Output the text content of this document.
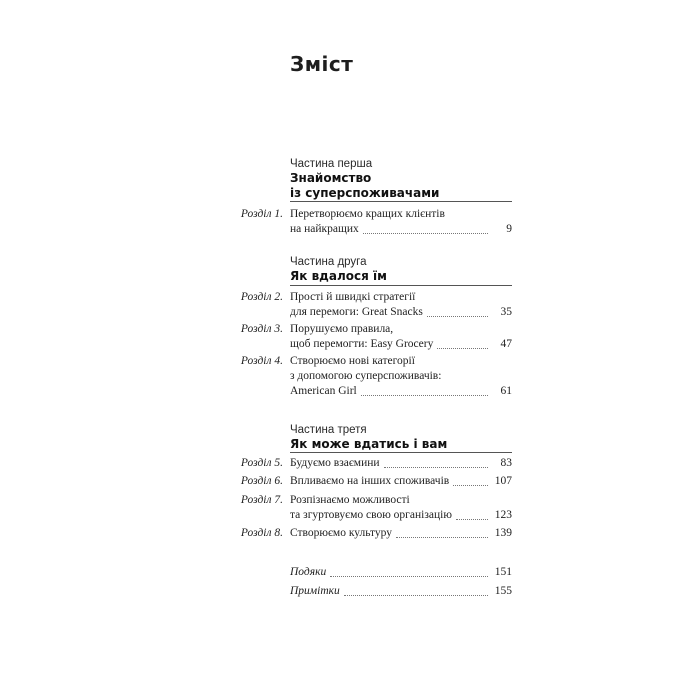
Зміст
Частина перша
Знайомство
із суперспоживачами
Розділ 1. Перетворюємо кращих клієнтів
на найкращих	9
Частина друга
Як вдалося їм
Розділ 2. Прості й швидкі стратегії
для перемоги: Great Snacks	35
Розділ 3. Порушуємо правила,
щоб перемогти: Easy Grocery	47
Розділ 4. Створюємо нові категорії
з допомогою суперспоживачів:
American Girl	61
Частина третя
Як може вдатись і вам
Розділ 5. Будуємо взаємини	83
Розділ 6. Впливаємо на інших споживачів	107
Розділ 7. Розпізнаємо можливості
та згуртовуємо свою організацію	123
Розділ 8. Створюємо культуру	139
Подяки	151
Примітки	155
